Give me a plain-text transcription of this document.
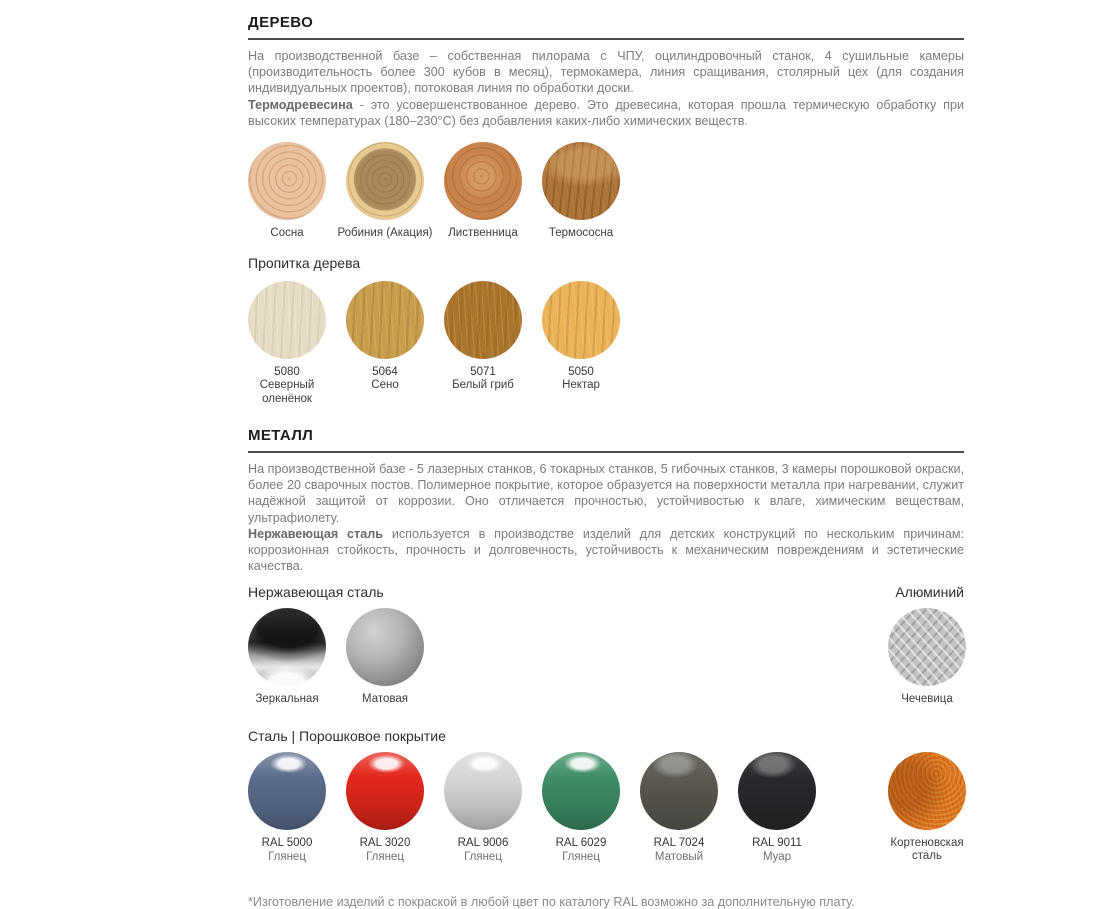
ДЕРЕВО

На производственной базе – собственная пилорама с ЧПУ, оцилиндровочный станок, 4 сушильные камеры (производительность более 300 кубов в месяц), термокамера, линия сращивания, столярный цех (для создания индивидуальных проектов), потоковая линия по обработки доски.
Термодревесина - это усовершенствованное дерево. Это древесина, которая прошла термическую обработку при высоких температурах (180–230°C) без добавления каких-либо химических веществ.

Сосна	Робиния (Акация) Лиственница	Термососна
Пропитка дерева
5080
Северный оленёнок
5064
Сено
5071
Белый гриб
5050
Нектар
МЕТАЛЛ

На производственной базе - 5 лазерных станков, 6 токарных станков, 5 гибочных станков, 3 камеры порошковой окраски, более 20 сварочных постов. Полимерное покрытие, которое образуется на поверхности металла при нагревании, служит надёжной защитой от коррозии. Оно отличается прочностью, устойчивостью к влаге, химическим веществам, ультрафиолету.
Нержавеющая сталь используется в производстве изделий для детских конструкций по нескольким причинам: коррозионная стойкость, прочность и долговечность, устойчивость к механическим повреждениям и эстетические качества.

Нержавеющая сталь	Алюминий
Зеркальная	Матовая	Чечевица
Сталь | Порошковое покрытие
RAL 5000
Глянец
RAL 3020
Глянец
RAL 9006
Глянец
RAL 6029
Глянец
RAL 7024
Матовый
RAL 9011
Муар
Кортеновская сталь
*Изготовление изделий с покраской в любой цвет по каталогу RAL возможно за дополнительную плату.
